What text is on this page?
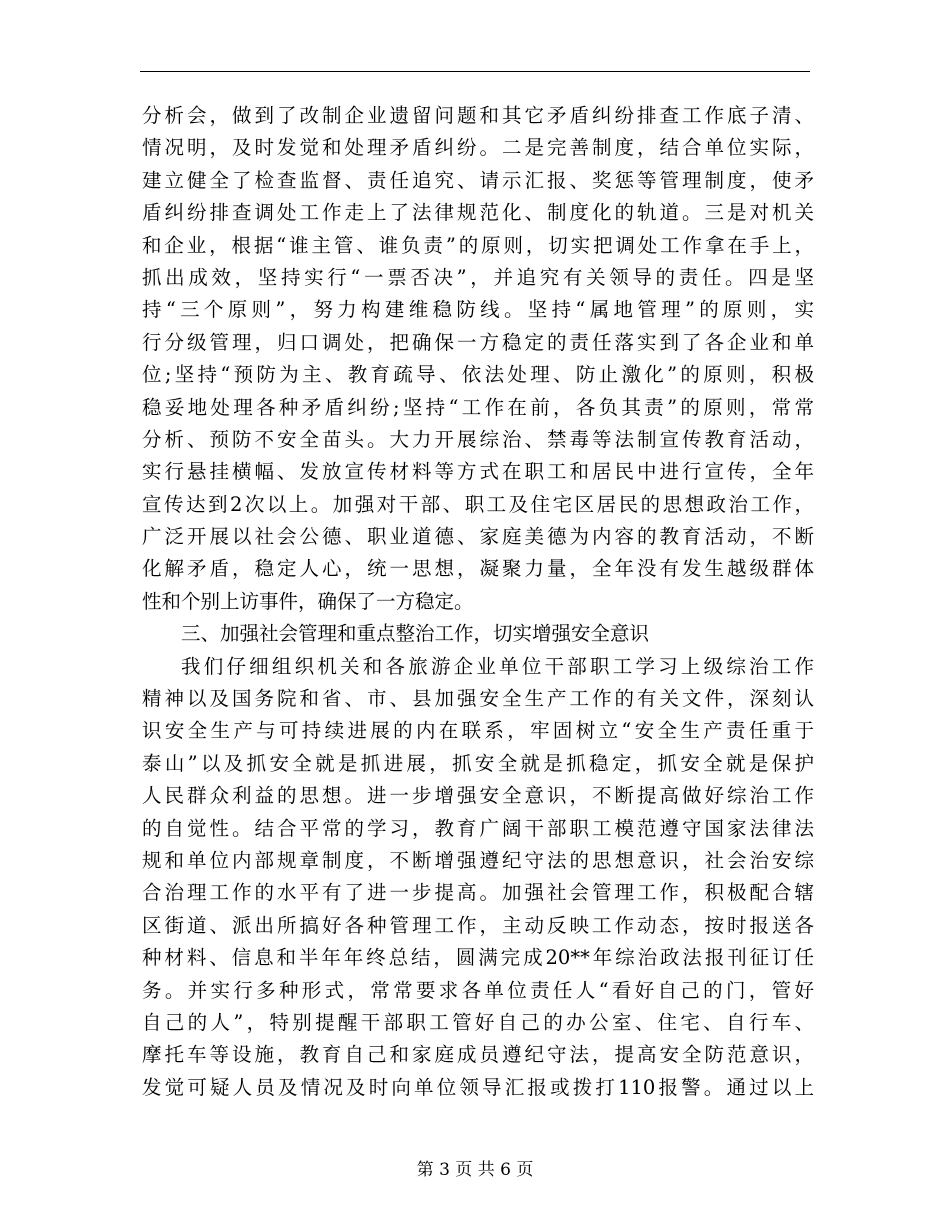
分析会，做到了改制企业遗留问题和其它矛盾纠纷排查工作底子清、
情况明，及时发觉和处理矛盾纠纷。二是完善制度，结合单位实际，
建立健全了检查监督、责任追究、请示汇报、奖惩等管理制度，使矛
盾纠纷排查调处工作走上了法律规范化、制度化的轨道。三是对机关
和企业，根据“谁主管、谁负责”的原则，切实把调处工作拿在手上，
抓出成效，坚持实行“一票否决”，并追究有关领导的责任。四是坚
持“三个原则”，努力构建维稳防线。坚持“属地管理”的原则，实
行分级管理，归口调处，把确保一方稳定的责任落实到了各企业和单
位;坚持“预防为主、教育疏导、依法处理、防止激化”的原则，积极
稳妥地处理各种矛盾纠纷;坚持“工作在前，各负其责”的原则，常常
分析、预防不安全苗头。大力开展综治、禁毒等法制宣传教育活动，
实行悬挂横幅、发放宣传材料等方式在职工和居民中进行宣传，全年
宣传达到2次以上。加强对干部、职工及住宅区居民的思想政治工作，
广泛开展以社会公德、职业道德、家庭美德为内容的教育活动，不断
化解矛盾，稳定人心，统一思想，凝聚力量，全年没有发生越级群体
性和个别上访事件，确保了一方稳定。
三、加强社会管理和重点整治工作，切实增强安全意识
我们仔细组织机关和各旅游企业单位干部职工学习上级综治工作
精神以及国务院和省、市、县加强安全生产工作的有关文件，深刻认
识安全生产与可持续进展的内在联系，牢固树立“安全生产责任重于
泰山”以及抓安全就是抓进展，抓安全就是抓稳定，抓安全就是保护
人民群众利益的思想。进一步增强安全意识，不断提高做好综治工作
的自觉性。结合平常的学习，教育广阔干部职工模范遵守国家法律法
规和单位内部规章制度，不断增强遵纪守法的思想意识，社会治安综
合治理工作的水平有了进一步提高。加强社会管理工作，积极配合辖
区街道、派出所搞好各种管理工作，主动反映工作动态，按时报送各
种材料、信息和半年年终总结，圆满完成20**年综治政法报刊征订任
务。并实行多种形式，常常要求各单位责任人“看好自己的门，管好
自己的人”，特别提醒干部职工管好自己的办公室、住宅、自行车、
摩托车等设施，教育自己和家庭成员遵纪守法，提高安全防范意识，
发觉可疑人员及情况及时向单位领导汇报或拨打110报警。通过以上
第 3 页 共 6 页
